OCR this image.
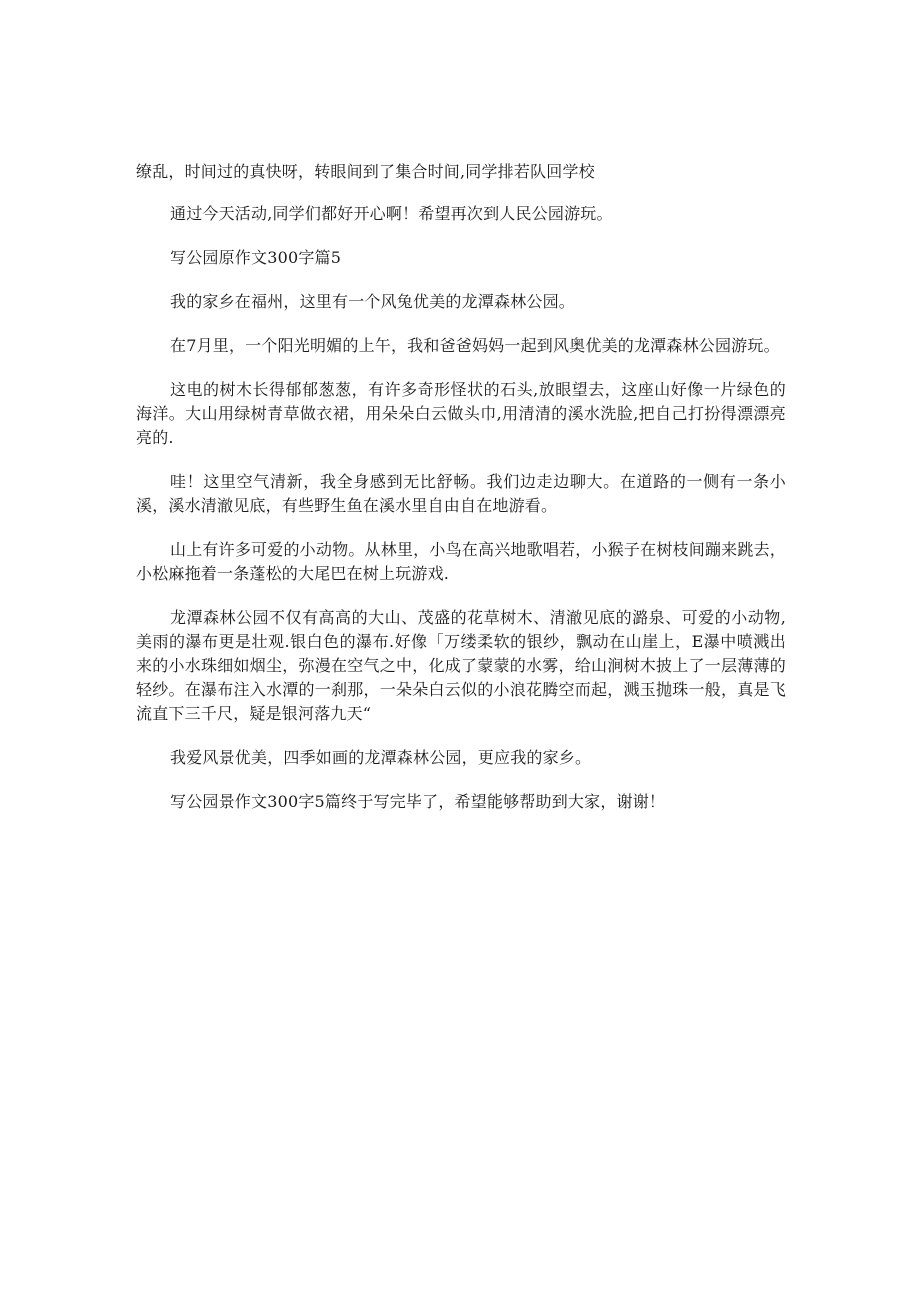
缭乱，时间过的真快呀，转眼间到了集合时间,同学排若队回学校

通过今天活动,同学们都好开心啊！希望再次到人民公园游玩。

写公园原作文300字篇5

我的家乡在福州，这里有一个风兔优美的龙潭森林公园。

在7月里，一个阳光明媚的上午，我和爸爸妈妈一起到风奥优美的龙潭森林公园游玩。

这电的树木长得郁郁葱葱，有许多奇形怪状的石头,放眼望去，这座山好像一片绿色的海洋。大山用绿树青草做衣裙，用朵朵白云做头巾,用清清的溪水洗脸,把自己打扮得漂漂亮亮的.

哇！这里空气清新，我全身感到无比舒畅。我们边走边聊大。在道路的一侧有一条小溪，溪水清澈见底，有些野生鱼在溪水里自由自在地游看。

山上有许多可爱的小动物。从林里，小鸟在高兴地歌唱若，小猴子在树枝间蹦来跳去，小松麻拖着一条蓬松的大尾巴在树上玩游戏.

龙潭森林公园不仅有高高的大山、茂盛的花草树木、清澈见底的潞泉、可爱的小动物,美雨的瀑布更是壮观.银白色的瀑布.好像「万缕柔软的银纱，飘动在山崖上，E瀑中喷溅出来的小水珠细如烟尘，弥漫在空气之中，化成了蒙蒙的水雾，给山涧树木披上了一层薄薄的轻纱。在瀑布注入水潭的一刹那，一朵朵白云似的小浪花腾空而起，溅玉抛珠一般，真是飞流直下三千尺，疑是银河落九天“

我爱风景优美，四季如画的龙潭森林公园，更应我的家乡。

写公园景作文300字5篇终于写完毕了，希望能够帮助到大家，谢谢！
